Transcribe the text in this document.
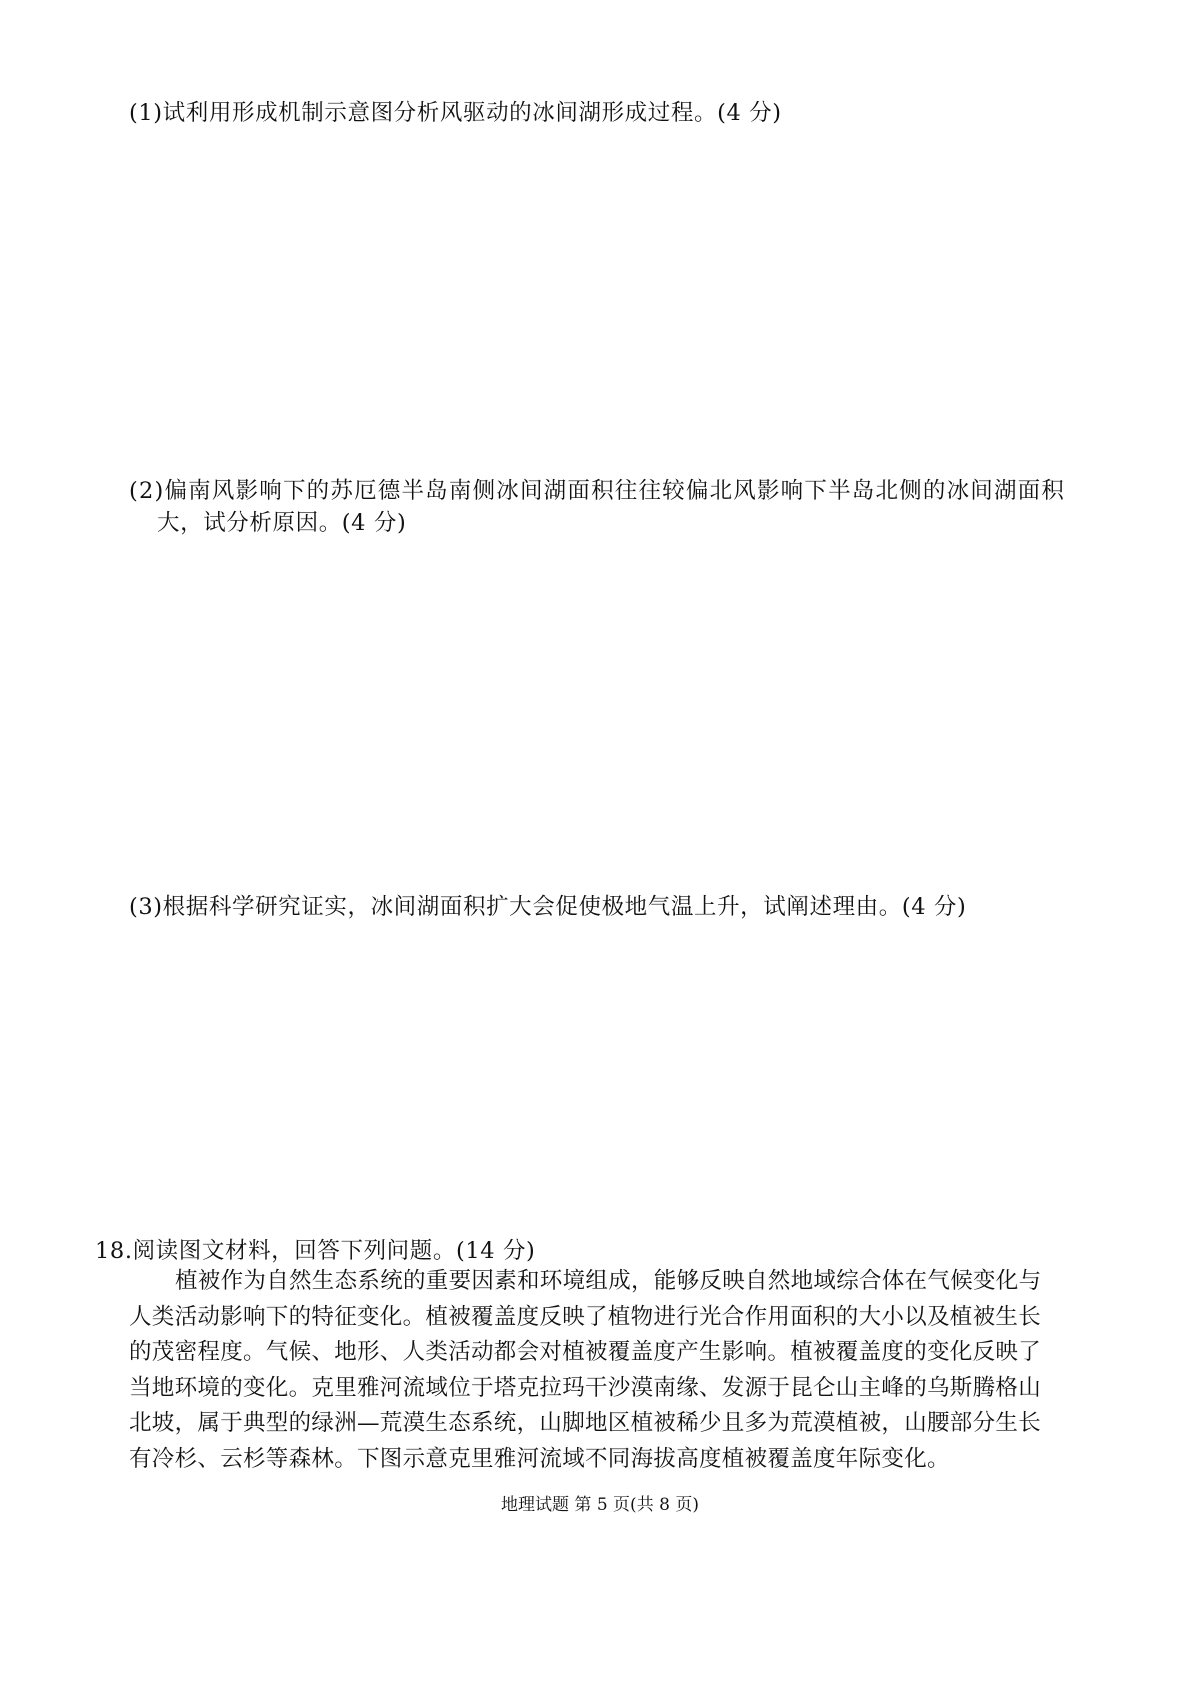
(1)试利用形成机制示意图分析风驱动的冰间湖形成过程。(4 分)
(2)偏南风影响下的苏厄德半岛南侧冰间湖面积往往较偏北风影响下半岛北侧的冰间湖面积
大，试分析原因。(4 分)
(3)根据科学研究证实，冰间湖面积扩大会促使极地气温上升，试阐述理由。(4 分)
18.阅读图文材料，回答下列问题。(14 分)

植被作为自然生态系统的重要因素和环境组成，能够反映自然地域综合体在气候变化与
人类活动影响下的特征变化。植被覆盖度反映了植物进行光合作用面积的大小以及植被生长
的茂密程度。气候、地形、人类活动都会对植被覆盖度产生影响。植被覆盖度的变化反映了
当地环境的变化。克里雅河流域位于塔克拉玛干沙漠南缘、发源于昆仑山主峰的乌斯腾格山
北坡，属于典型的绿洲—荒漠生态系统，山脚地区植被稀少且多为荒漠植被，山腰部分生长
有冷杉、云杉等森林。下图示意克里雅河流域不同海拔高度植被覆盖度年际变化。

地理试题 第 5 页(共 8 页)
